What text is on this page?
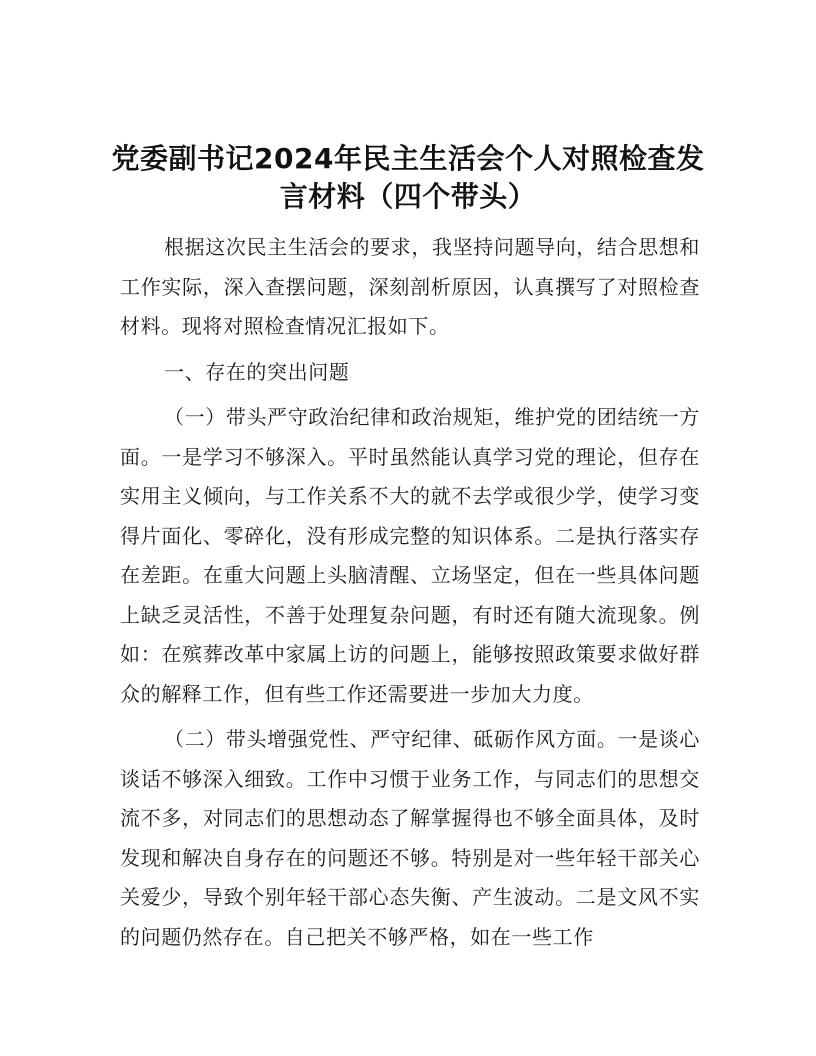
党委副书记2024年民主生活会个人对照检查发言材料（四个带头）

根据这次民主生活会的要求，我坚持问题导向，结合思想和工作实际，深入查摆问题，深刻剖析原因，认真撰写了对照检查材料。现将对照检查情况汇报如下。

一、存在的突出问题

（一）带头严守政治纪律和政治规矩，维护党的团结统一方面。一是学习不够深入。平时虽然能认真学习党的理论，但存在实用主义倾向，与工作关系不大的就不去学或很少学，使学习变得片面化、零碎化，没有形成完整的知识体系。二是执行落实存在差距。在重大问题上头脑清醒、立场坚定，但在一些具体问题上缺乏灵活性，不善于处理复杂问题，有时还有随大流现象。例如：在殡葬改革中家属上访的问题上，能够按照政策要求做好群众的解释工作，但有些工作还需要进一步加大力度。

（二）带头增强党性、严守纪律、砥砺作风方面。一是谈心谈话不够深入细致。工作中习惯于业务工作，与同志们的思想交流不多，对同志们的思想动态了解掌握得也不够全面具体，及时发现和解决自身存在的问题还不够。特别是对一些年轻干部关心关爱少，导致个别年轻干部心态失衡、产生波动。二是文风不实的问题仍然存在。自己把关不够严格，如在一些工作
